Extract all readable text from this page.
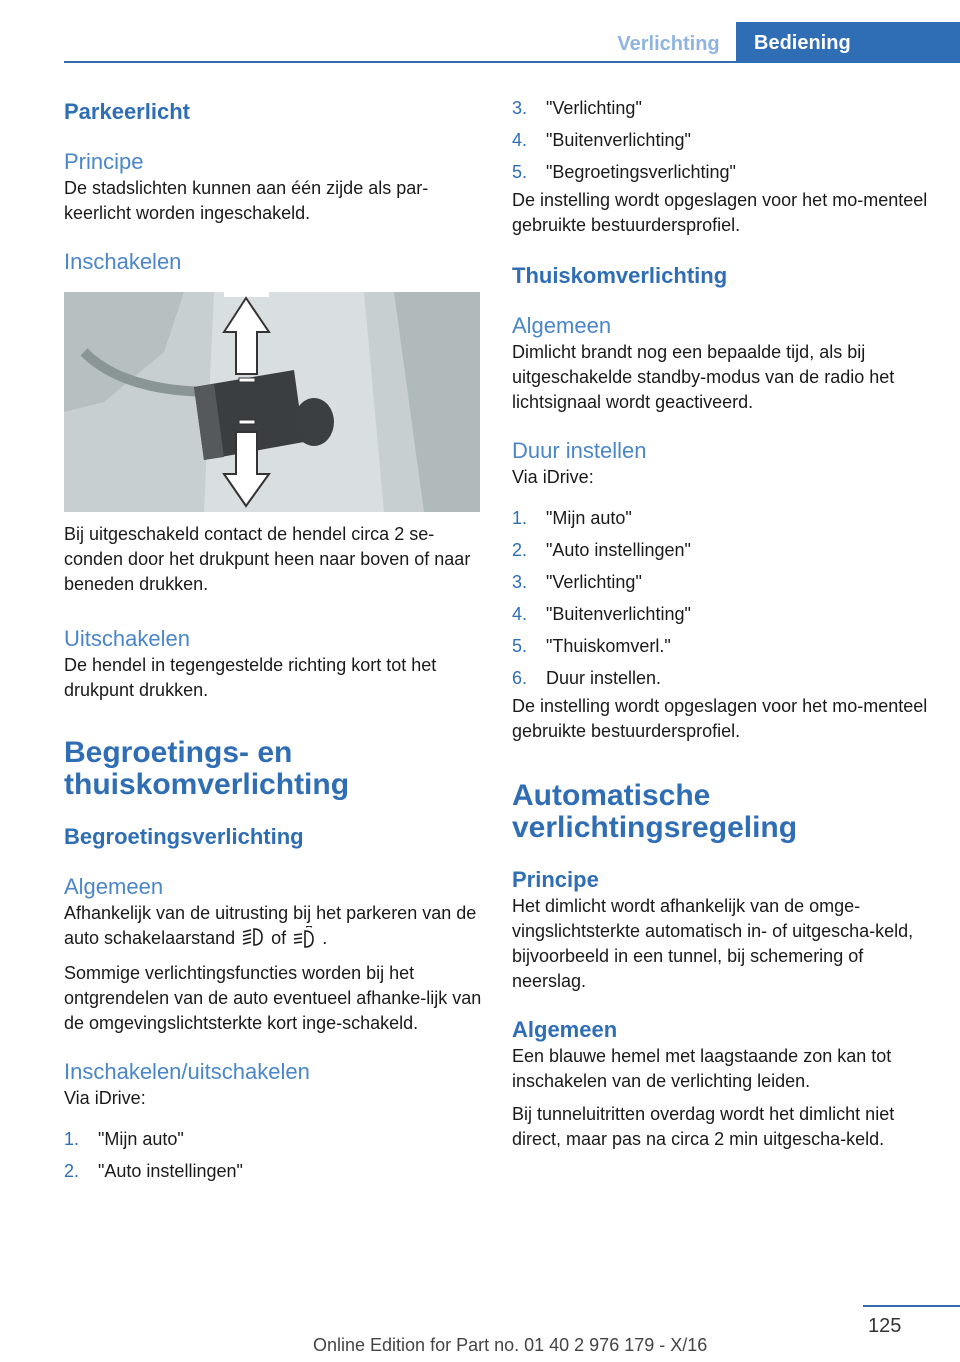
Verlichting	Bediening
Parkeerlicht
Principe

De stadslichten kunnen aan één zijde als par-keerlicht worden ingeschakeld.

Inschakelen

Bij uitgeschakeld contact de hendel circa 2 se-conden door het drukpunt heen naar boven of naar beneden drukken.

Uitschakelen

De hendel in tegengestelde richting kort tot het drukpunt drukken.

Begroetings- en thuiskomverlichting
Begroetingsverlichting
Algemeen

Afhankelijk van de uitrusting bij het parkeren van de auto schakelaarstand of .

Sommige verlichtingsfuncties worden bij het ontgrendelen van de auto eventueel afhanke-lijk van de omgevingslichtsterkte kort inge-schakeld.

Inschakelen/uitschakelen

Via iDrive:

1.	"Mijn auto"
2.	"Auto instellingen"
3.	"Verlichting"
4.	"Buitenverlichting"
5.	"Begroetingsverlichting"

De instelling wordt opgeslagen voor het mo-menteel gebruikte bestuurdersprofiel.

Thuiskomverlichting
Algemeen

Dimlicht brandt nog een bepaalde tijd, als bij uitgeschakelde standby-modus van de radio het lichtsignaal wordt geactiveerd.

Duur instellen

Via iDrive:

1.	"Mijn auto"
2.	"Auto instellingen"
3.	"Verlichting"
4.	"Buitenverlichting"
5.	"Thuiskomverl."
6.	Duur instellen.

De instelling wordt opgeslagen voor het mo-menteel gebruikte bestuurdersprofiel.

Automatische verlichtingsregeling
Principe

Het dimlicht wordt afhankelijk van de omge-vingslichtsterkte automatisch in- of uitgescha-keld, bijvoorbeeld in een tunnel, bij schemering of neerslag.

Algemeen

Een blauwe hemel met laagstaande zon kan tot inschakelen van de verlichting leiden.

Bij tunneluitritten overdag wordt het dimlicht niet direct, maar pas na circa 2 min uitgescha-keld.

125
Online Edition for Part no. 01 40 2 976 179 - X/16
